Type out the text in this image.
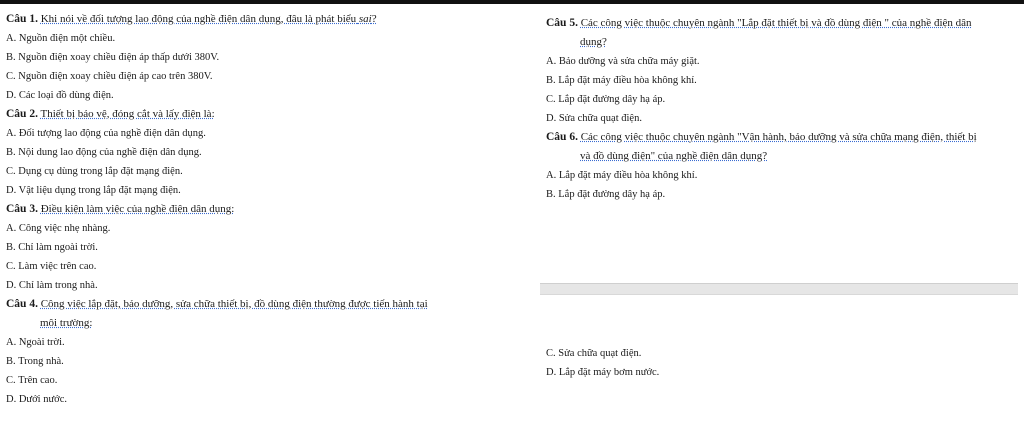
Câu 1. Khi nói về đối tượng lao động của nghề điện dân dụng, đâu là phát biểu sai?

A. Nguồn điện một chiều.

B. Nguồn điện xoay chiều điện áp thấp dưới 380V.

C. Nguồn điện xoay chiều điện áp cao trên 380V.

D. Các loại đồ dùng điện.

Câu 2. Thiết bị bảo vệ, đóng cắt và lấy điện là:

A. Đối tượng lao động của nghề điện dân dụng.

B. Nội dung lao động của nghề điện dân dụng.

C. Dụng cụ dùng trong lắp đặt mạng điện.

D. Vật liệu dụng trong lắp đặt mạng điện.

Câu 3. Điều kiện làm việc của nghề điện dân dụng:

A. Công việc nhẹ nhàng.

B. Chỉ làm ngoài trời.

C. Làm việc trên cao.

D. Chỉ làm trong nhà.

Câu 4. Công việc lắp đặt, bảo dưỡng, sửa chữa thiết bị, đồ dùng điện thường được tiến hành tại

môi trường:

A. Ngoài trời.

B. Trong nhà.

C. Trên cao.

D. Dưới nước.

Câu 5. Các công việc thuộc chuyên ngành "Lắp đặt thiết bị và đồ dùng điện " của nghề điện dân

dụng?

A. Bảo dưỡng và sửa chữa máy giặt.

B. Lắp đặt máy điều hòa không khí.

C. Lắp đặt đường dây hạ áp.

D. Sửa chữa quạt điện.

Câu 6. Các công việc thuộc chuyên ngành "Vận hành, bảo dưỡng và sửa chữa mạng điện, thiết bị

và đồ dùng điện" của nghề điện dân dụng?

A. Lắp đặt máy điều hòa không khí.

B. Lắp đặt đường dây hạ áp.

C. Sửa chữa quạt điện.

D. Lắp đặt máy bơm nước.
